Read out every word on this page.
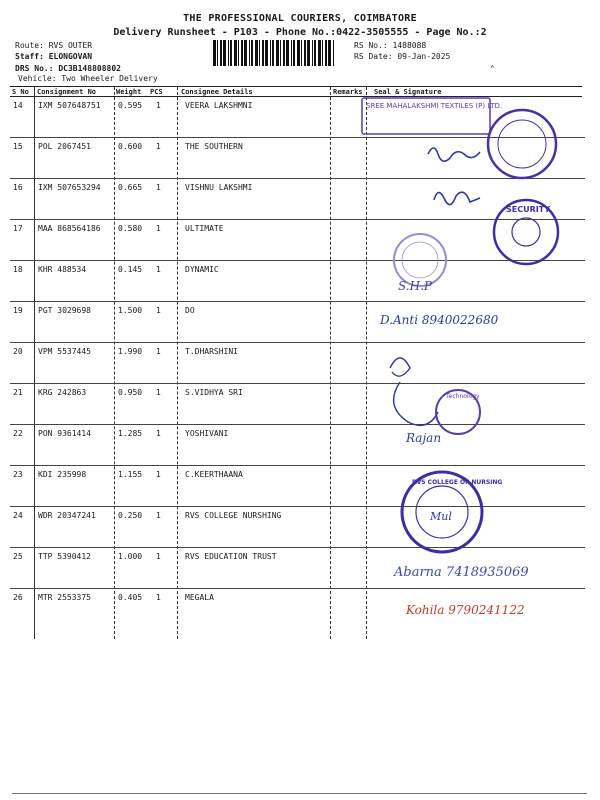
THE PROFESSIONAL COURIERS, COIMBATORE
Delivery Runsheet - P103 - Phone No.:0422-3505555 - Page No.:2
Route: RVS OUTER
Staff: ELONGOVAN
DRS No.: DC3B148808802
Vehicle: Two Wheeler Delivery
RS No.: 1488088
RS Date: 09-Jan-2025
⌃
S No Consignment No	Weight PCS	Consignee Details	Remarks Seal & Signature
14 IXM 507648751 0.595 1	VEERA LAKSHMNI
15 POL 2067451	0.600 1	THE SOUTHERN
16 IXM 507653294 0.665 1	VISHNU LAKSHMI
17 MAA 868564186 0.580 1	ULTIMATE
18 KHR 488534	0.145 1	DYNAMIC
19 PGT 3029698	1.500 1	DO
20 VPM 5537445	1.990 1	T.DHARSHINI
21 KRG 242863	0.950 1	S.VIDHYA SRI
22 PON 9361414	1.285 1	YOSHIVANI
23 KDI 235998	1.155 1	C.KEERTHAANA
24 WDR 20347241	0.250 1	RVS COLLEGE NURSHING
25 TTP 5390412	1.000 1	RVS EDUCATION TRUST
26 MTR 2553375	0.405 1	MEGALA
SREE MAHALAKSHMI TEXTILES (P) LTD.
SECURITY
S.H.P
D.Anti 8940022680
Technology
Rajan
RVS COLLEGE OF NURSING
Mul
Abarna 7418935069
Kohila 9790241122
